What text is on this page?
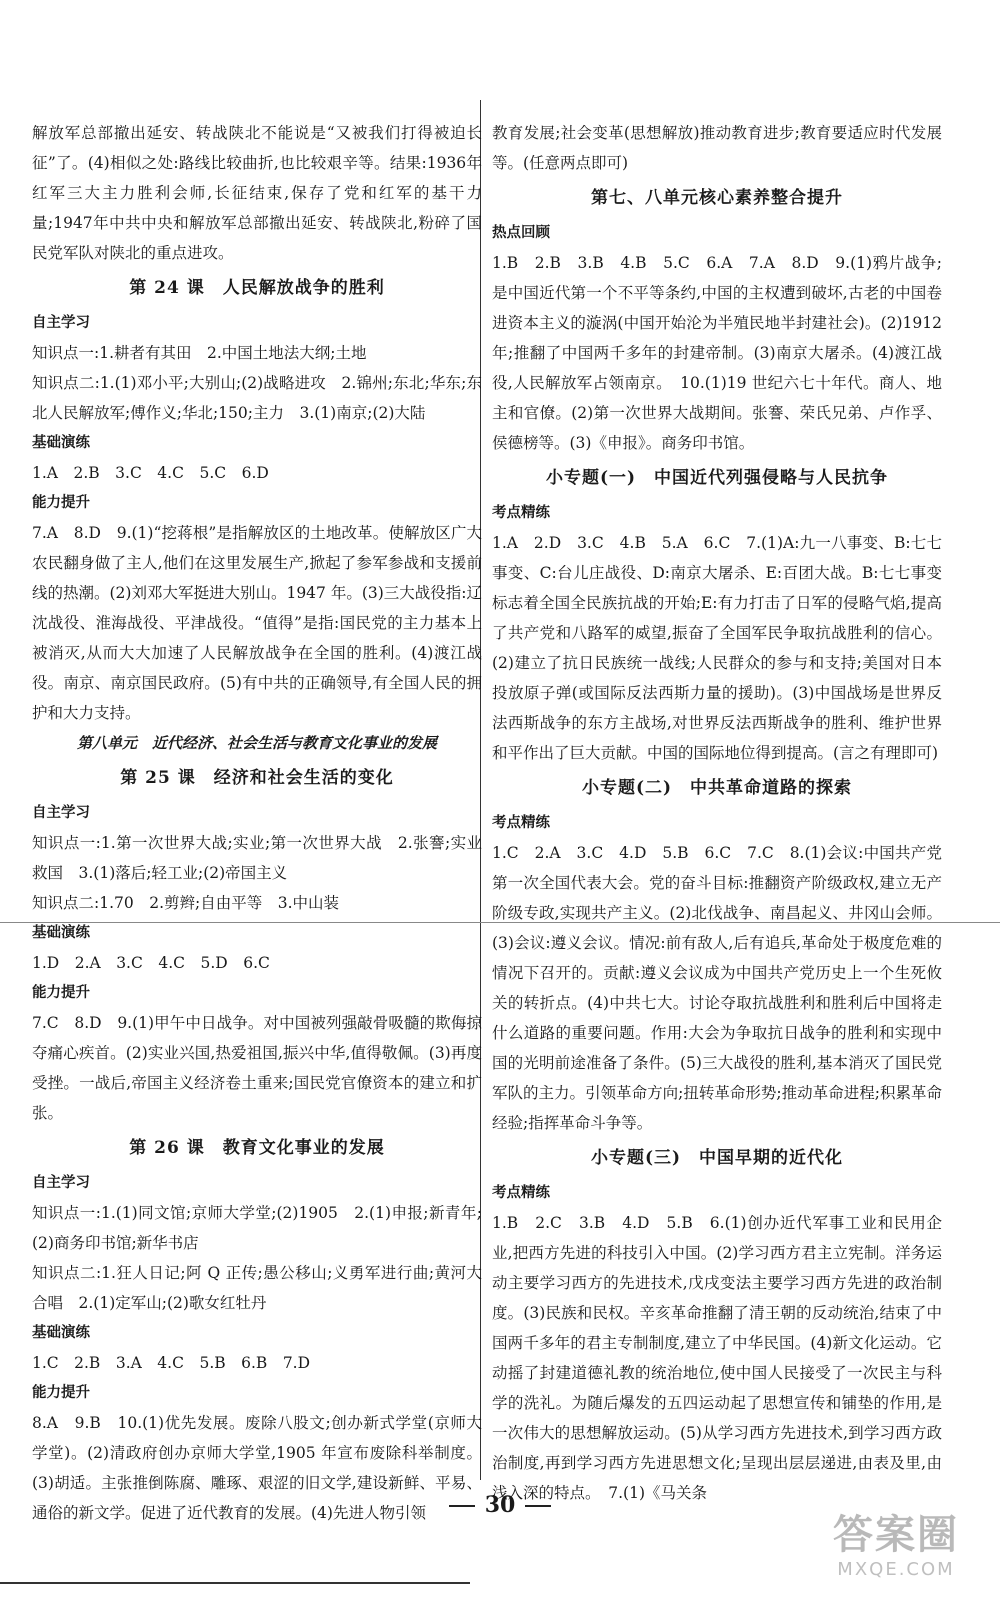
解放军总部撤出延安、转战陕北不能说是“又被我们打得被迫长征”了。(4)相似之处:路线比较曲折,也比较艰辛等。结果:1936年红军三大主力胜利会师,长征结束,保存了党和红军的基干力量;1947年中共中央和解放军总部撤出延安、转战陕北,粉碎了国民党军队对陕北的重点进攻。

第 24 课　人民解放战争的胜利
自主学习

知识点一:1.耕者有其田　2.中国土地法大纲;土地

知识点二:1.(1)邓小平;大别山;(2)战略进攻　2.锦州;东北;华东;东北人民解放军;傅作义;华北;150;主力　3.(1)南京;(2)大陆

基础演练

1.A　2.B　3.C　4.C　5.C　6.D

能力提升

7.A　8.D　9.(1)“挖蒋根”是指解放区的土地改革。使解放区广大农民翻身做了主人,他们在这里发展生产,掀起了参军参战和支援前线的热潮。(2)刘邓大军挺进大别山。1947 年。(3)三大战役指:辽沈战役、淮海战役、平津战役。“值得”是指:国民党的主力基本上被消灭,从而大大加速了人民解放战争在全国的胜利。(4)渡江战役。南京、南京国民政府。(5)有中共的正确领导,有全国人民的拥护和大力支持。

第八单元　近代经济、社会生活与教育文化事业的发展
第 25 课　经济和社会生活的变化
自主学习

知识点一:1.第一次世界大战;实业;第一次世界大战　2.张謇;实业救国　3.(1)落后;轻工业;(2)帝国主义

知识点二:1.70　2.剪辫;自由平等　3.中山装

基础演练

1.D　2.A　3.C　4.C　5.D　6.C

能力提升

7.C　8.D　9.(1)甲午中日战争。对中国被列强敲骨吸髓的欺侮掠夺痛心疾首。(2)实业兴国,热爱祖国,振兴中华,值得敬佩。(3)再度受挫。一战后,帝国主义经济卷土重来;国民党官僚资本的建立和扩张。

第 26 课　教育文化事业的发展
自主学习

知识点一:1.(1)同文馆;京师大学堂;(2)1905　2.(1)申报;新青年;(2)商务印书馆;新华书店

知识点二:1.狂人日记;阿 Q 正传;愚公移山;义勇军进行曲;黄河大合唱　2.(1)定军山;(2)歌女红牡丹

基础演练

1.C　2.B　3.A　4.C　5.B　6.B　7.D

能力提升

8.A　9.B　10.(1)优先发展。废除八股文;创办新式学堂(京师大学堂)。(2)清政府创办京师大学堂,1905 年宣布废除科举制度。(3)胡适。主张推倒陈腐、雕琢、艰涩的旧文学,建设新鲜、平易、通俗的新文学。促进了近代教育的发展。(4)先进人物引领

教育发展;社会变革(思想解放)推动教育进步;教育要适应时代发展等。(任意两点即可)

第七、八单元核心素养整合提升
热点回顾

1.B　2.B　3.B　4.B　5.C　6.A　7.A　8.D　9.(1)鸦片战争;是中国近代第一个不平等条约,中国的主权遭到破坏,古老的中国卷进资本主义的漩涡(中国开始沦为半殖民地半封建社会)。(2)1912 年;推翻了中国两千多年的封建帝制。(3)南京大屠杀。(4)渡江战役,人民解放军占领南京。　10.(1)19 世纪六七十年代。商人、地主和官僚。(2)第一次世界大战期间。张謇、荣氏兄弟、卢作孚、侯德榜等。(3)《申报》。商务印书馆。

小专题(一)　中国近代列强侵略与人民抗争
考点精练

1.A　2.D　3.C　4.B　5.A　6.C　7.(1)A:九一八事变、B:七七事变、C:台儿庄战役、D:南京大屠杀、E:百团大战。B:七七事变标志着全国全民族抗战的开始;E:有力打击了日军的侵略气焰,提高了共产党和八路军的威望,振奋了全国军民争取抗战胜利的信心。(2)建立了抗日民族统一战线;人民群众的参与和支持;美国对日本投放原子弹(或国际反法西斯力量的援助)。(3)中国战场是世界反法西斯战争的东方主战场,对世界反法西斯战争的胜利、维护世界和平作出了巨大贡献。中国的国际地位得到提高。(言之有理即可)

小专题(二)　中共革命道路的探索
考点精练

1.C　2.A　3.C　4.D　5.B　6.C　7.C　8.(1)会议:中国共产党第一次全国代表大会。党的奋斗目标:推翻资产阶级政权,建立无产阶级专政,实现共产主义。(2)北伐战争、南昌起义、井冈山会师。(3)会议:遵义会议。情况:前有敌人,后有追兵,革命处于极度危难的情况下召开的。贡献:遵义会议成为中国共产党历史上一个生死攸关的转折点。(4)中共七大。讨论夺取抗战胜利和胜利后中国将走什么道路的重要问题。作用:大会为争取抗日战争的胜利和实现中国的光明前途准备了条件。(5)三大战役的胜利,基本消灭了国民党军队的主力。引领革命方向;扭转革命形势;推动革命进程;积累革命经验;指挥革命斗争等。

小专题(三)　中国早期的近代化
考点精练

1.B　2.C　3.B　4.D　5.B　6.(1)创办近代军事工业和民用企业,把西方先进的科技引入中国。(2)学习西方君主立宪制。洋务运动主要学习西方的先进技术,戊戌变法主要学习西方先进的政治制度。(3)民族和民权。辛亥革命推翻了清王朝的反动统治,结束了中国两千多年的君主专制制度,建立了中华民国。(4)新文化运动。它动摇了封建道德礼教的统治地位,使中国人民接受了一次民主与科学的洗礼。为随后爆发的五四运动起了思想宣传和铺垫的作用,是一次伟大的思想解放运动。(5)从学习西方先进技术,到学习西方政治制度,再到学习西方先进思想文化;呈现出层层递进,由表及里,由浅入深的特点。　7.(1)《马关条

30
答案圈
MXQE.COM
